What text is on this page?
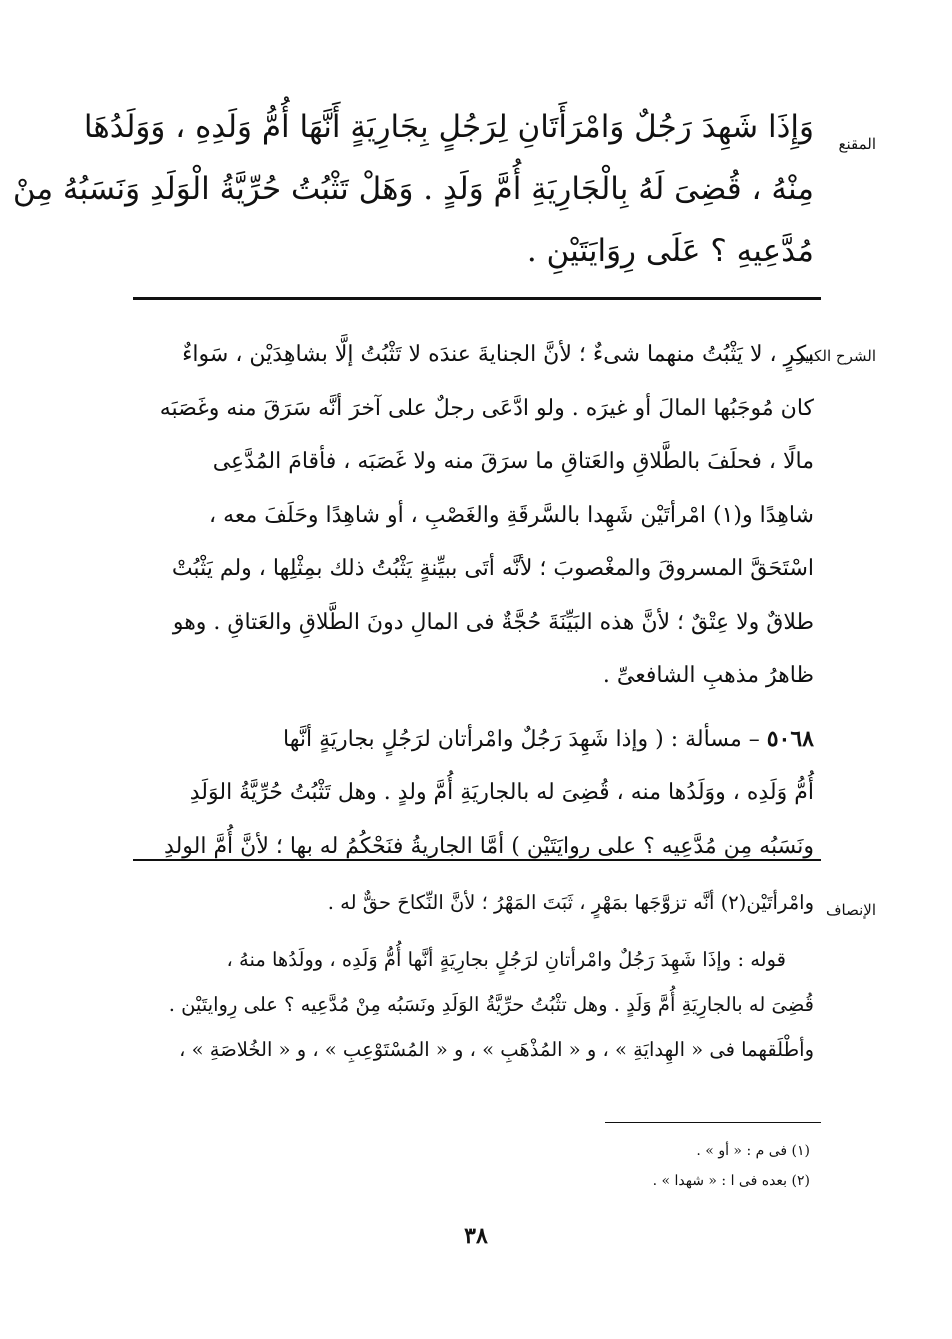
المقنع
وَإِذَا شَهِدَ رَجُلٌ وَامْرَأَتَانِ لِرَجُلٍ بِجَارِيَةٍ أَنَّهَا أُمُّ وَلَدِهِ ، وَوَلَدُهَا
مِنْهُ ، قُضِىَ لَهُ بِالْجَارِيَةِ أُمَّ وَلَدٍ . وَهَلْ تَثْبُتُ حُرِّيَّةُ الْوَلَدِ وَنَسَبُهُ مِنْ
مُدَّعِيهِ ؟ عَلَى رِوَايَتَيْنِ .
الشرح الكبير
بكرٍ ، لا يَثْبُتُ منهما شىءٌ ؛ لأنَّ الجنايةَ عندَه لا تَثْبُتُ إلَّا بشاهِدَيْن ، سَواءٌ
كان مُوجَبُها المالَ أو غيرَه . ولو ادَّعَى رجلٌ على آخرَ أنَّه سَرَقَ منه وغَصَبَه
مالًا ، فحلَفَ بالطَّلاقِ والعَتاقِ ما سرَقَ منه ولا غَصَبَه ، فأقامَ المُدَّعِى
شاهِدًا و(١) امْرأتَيْن شَهِدا بالسَّرقَةِ والغَصْبِ ، أو شاهِدًا وحَلَفَ معه ،
اسْتَحَقَّ المسروقَ والمغْصوبَ ؛ لأنَّه أتَى ببيِّنةٍ يَثْبُتُ ذلك بمِثْلِها ، ولم يَثْبُتْ
طلاقٌ ولا عِتْقٌ ؛ لأنَّ هذه البَيِّنَةَ حُجَّةٌ فى المالِ دونَ الطَّلاقِ والعَتاقِ . وهو
ظاهرُ مذهبِ الشافعىِّ .
٥٠٦٨ – مسألة : ( وإذا شَهِدَ رَجُلٌ وامْرأتان لرَجُلٍ بجاريَةٍ أنَّها
أُمُّ وَلَدِه ، ووَلَدُها منه ، قُضِىَ له بالجاريَةِ أُمَّ ولدٍ . وهل تَثْبُتُ حُرِّيَّةُ الوَلَدِ
ونَسَبُه مِن مُدَّعِيه ؟ على روايَتَيْن ) أمَّا الجاريةُ فنَحْكُمُ له بها ؛ لأنَّ أُمَّ الولدِ
الإنصاف
وامْرأتَيْن(٢) أنَّه تزوَّجَها بمَهْرٍ ، ثَبَتَ المَهْرُ ؛ لأنَّ النِّكاحَ حقٌّ له .
قوله : وإذَا شَهِدَ رَجُلٌ وامْرأتانِ لرَجُلٍ بجارِيَةٍ أنَّها أُمُّ وَلَدِه ، وولَدُها منهُ ،
قُضِىَ له بالجارِيَةِ أُمَّ وَلَدٍ . وهل تثْبُتُ حرِّيَّةُ الوَلَدِ ونَسَبُه مِنْ مُدَّعِيه ؟ على رِوايتَيْن .
وأطْلَقهما فى « الهِدايَةِ » ، و « المُذْهَبِ » ، و « المُسْتَوْعِبِ » ، و « الخُلاصَةِ » ،
(١) فى م : « أو » .
(٢) بعده فى ا : « شهدا » .
٣٨
